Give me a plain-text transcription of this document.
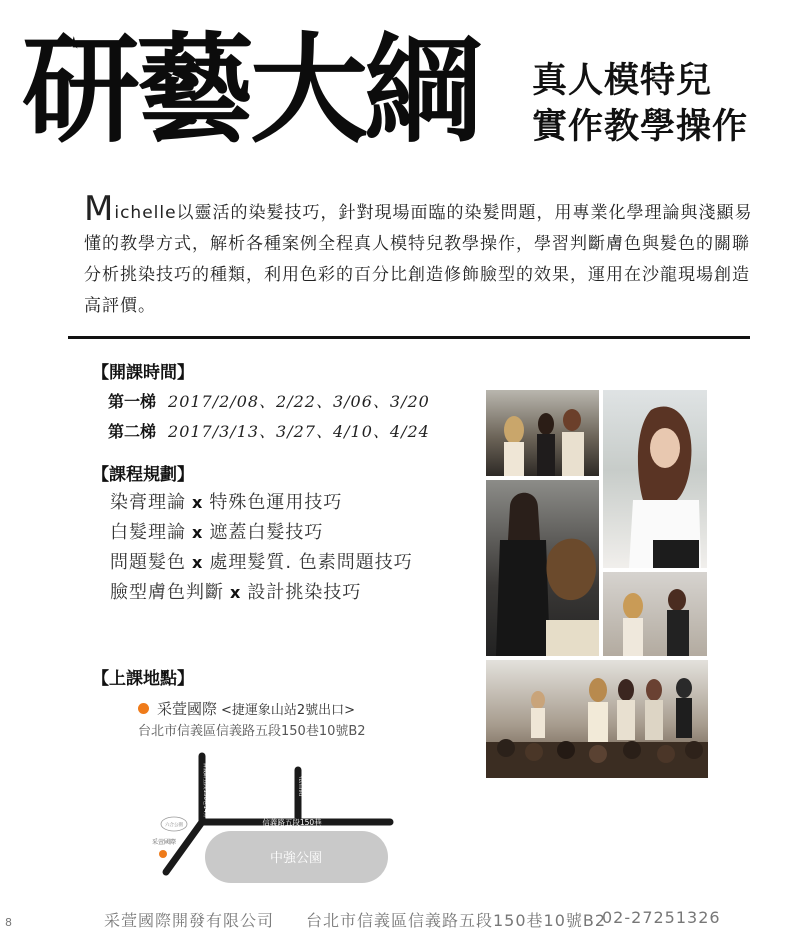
研藝大綱 真人模特兒
實作教學操作
Michelle以靈活的染髮技巧，針對現場面臨的染髮問題，用專業化學理論與淺顯易懂的教學方式，解析各種案例全程真人模特兒教學操作，學習判斷膚色與髮色的關聯分析挑染技巧的種類，利用色彩的百分比創造修飾臉型的效果，運用在沙龍現場創造高評價。
【開課時間】
第一梯 2017/2/08、2/22、3/06、3/20
第二梯 2017/3/13、3/27、4/10、4/24
【課程規劃】
染膏理論 x 特殊色運用技巧
白髮理論 x 遮蓋白髮技巧
問題髮色 x 處理髮質. 色素問題技巧
臉型膚色判斷 x 設計挑染技巧
【上課地點】
采萱國際 <捷運象山站2號出口>
台北市信義區信義路五段150巷10號B2
中強公園
信義路五段150巷14弄	松智路
信義路五段150巷
六合公園
采萱國際
采萱國際開發有限公司 台北市信義區信義路五段150巷10號B2
02-27251326
8
